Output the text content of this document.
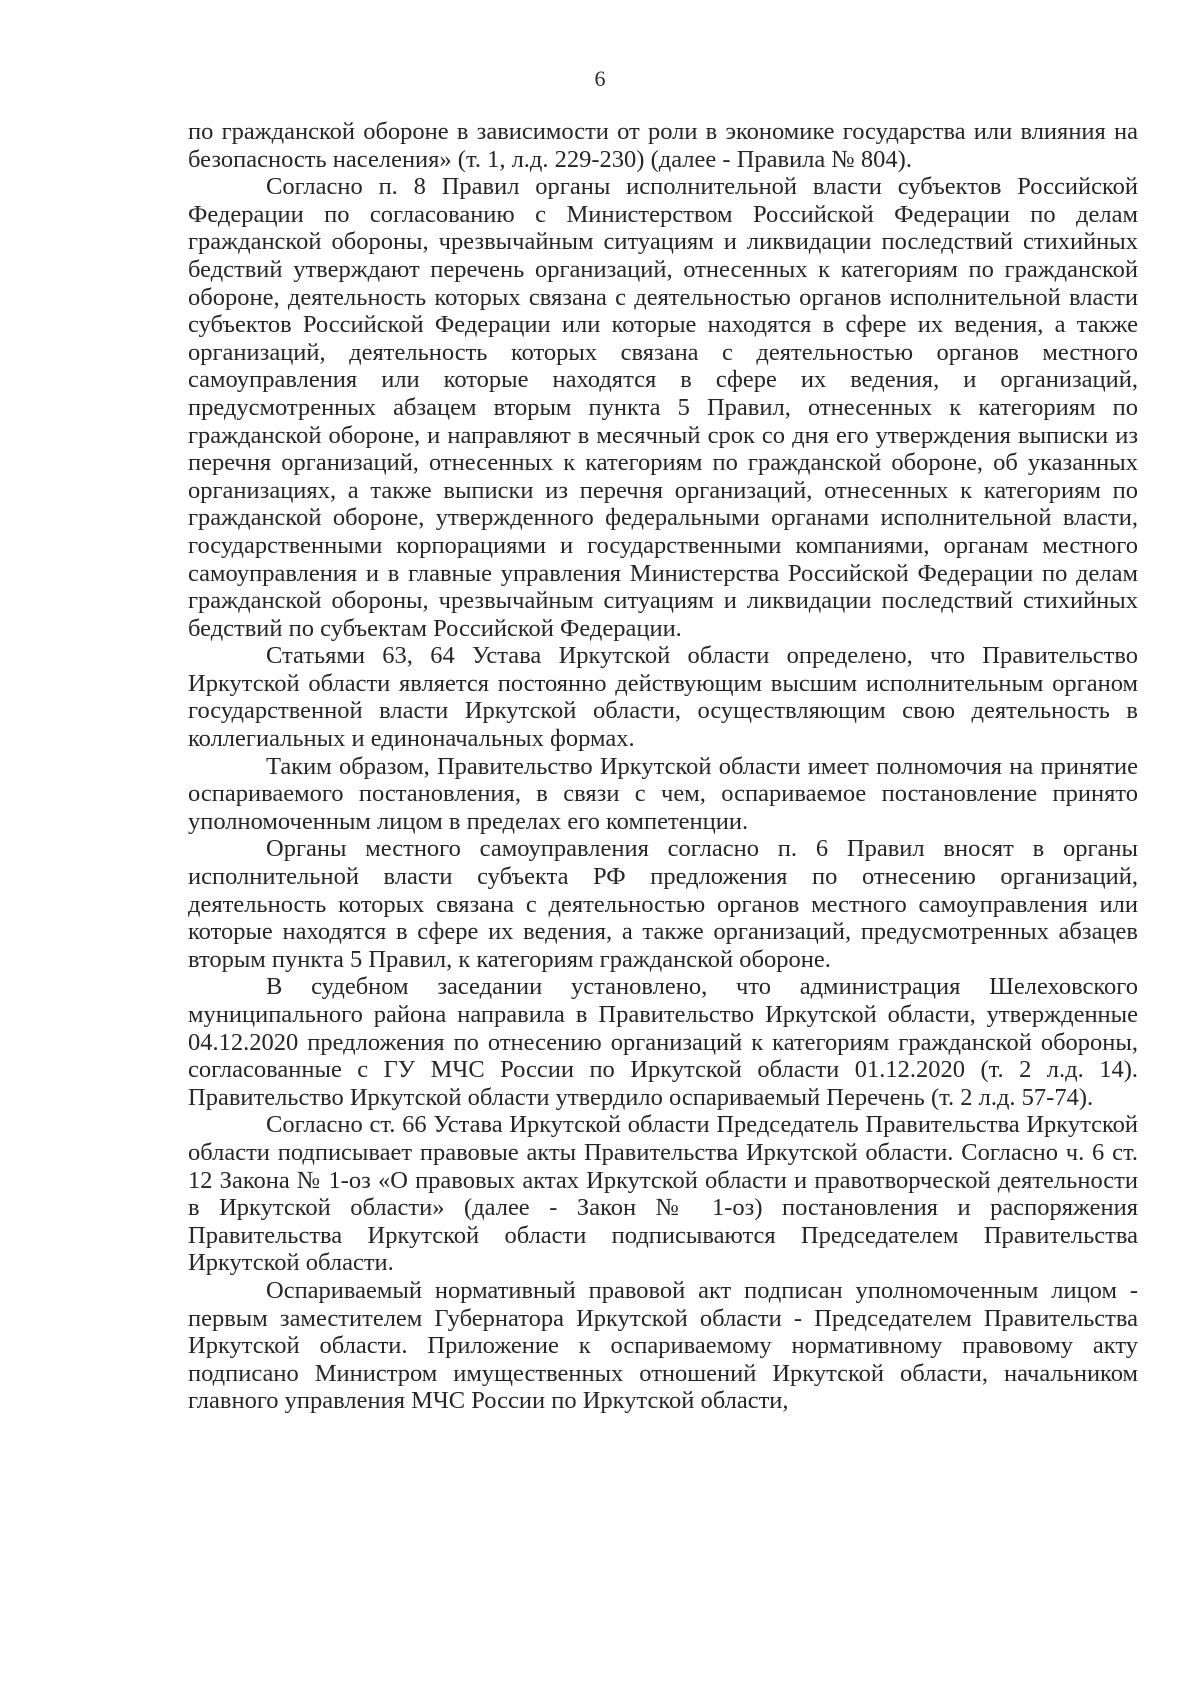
6

по гражданской обороне в зависимости от роли в экономике государства или влияния на безопасность населения» (т. 1, л.д. 229-230) (далее - Правила № 804).

Согласно п. 8 Правил органы исполнительной власти субъектов Российской Федерации по согласованию с Министерством Российской Федерации по делам гражданской обороны, чрезвычайным ситуациям и ликвидации последствий стихийных бедствий утверждают перечень организаций, отнесенных к категориям по гражданской обороне, деятельность которых связана с деятельностью органов исполнительной власти субъектов Российской Федерации или которые находятся в сфере их ведения, а также организаций, деятельность которых связана с деятельностью органов местного самоуправления или которые находятся в сфере их ведения, и организаций, предусмотренных абзацем вторым пункта 5 Правил, отнесенных к категориям по гражданской обороне, и направляют в месячный срок со дня его утверждения выписки из перечня организаций, отнесенных к категориям по гражданской обороне, об указанных организациях, а также выписки из перечня организаций, отнесенных к категориям по гражданской обороне, утвержденного федеральными органами исполнительной власти, государственными корпорациями и государственными компаниями, органам местного самоуправления и в главные управления Министерства Российской Федерации по делам гражданской обороны, чрезвычайным ситуациям и ликвидации последствий стихийных бедствий по субъектам Российской Федерации.

Статьями 63, 64 Устава Иркутской области определено, что Правительство Иркутской области является постоянно действующим высшим исполнительным органом государственной власти Иркутской области, осуществляющим свою деятельность в коллегиальных и единоначальных формах.

Таким образом, Правительство Иркутской области имеет полномочия на принятие оспариваемого постановления, в связи с чем, оспариваемое постановление принято уполномоченным лицом в пределах его компетенции.

Органы местного самоуправления согласно п. 6 Правил вносят в органы исполнительной власти субъекта РФ предложения по отнесению организаций, деятельность которых связана с деятельностью органов местного самоуправления или которые находятся в сфере их ведения, а также организаций, предусмотренных абзацев вторым пункта 5 Правил, к категориям гражданской обороне.

В судебном заседании установлено, что администрация Шелеховского муниципального района направила в Правительство Иркутской области, утвержденные 04.12.2020 предложения по отнесению организаций к категориям гражданской обороны, согласованные с ГУ МЧС России по Иркутской области 01.12.2020 (т. 2 л.д. 14). Правительство Иркутской области утвердило оспариваемый Перечень (т. 2 л.д. 57-74).

Согласно ст. 66 Устава Иркутской области Председатель Правительства Иркутской области подписывает правовые акты Правительства Иркутской области. Согласно ч. 6 ст. 12 Закона № 1-оз «О правовых актах Иркутской области и правотворческой деятельности в Иркутской области» (далее - Закон № 1-оз) постановления и распоряжения Правительства Иркутской области подписываются Председателем Правительства Иркутской области.

Оспариваемый нормативный правовой акт подписан уполномоченным лицом - первым заместителем Губернатора Иркутской области - Председателем Правительства Иркутской области. Приложение к оспариваемому нормативному правовому акту подписано Министром имущественных отношений Иркутской области, начальником главного управления МЧС России по Иркутской области,
